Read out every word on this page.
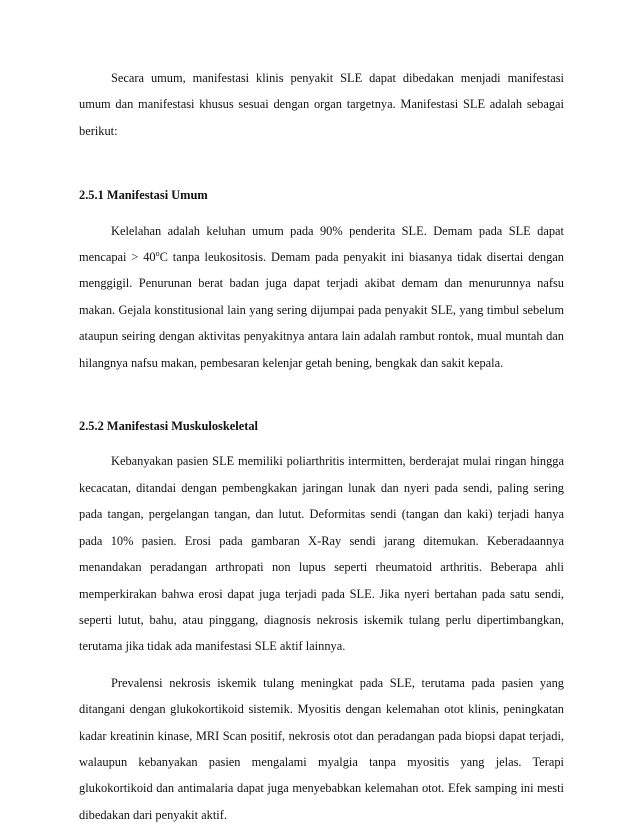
Secara umum, manifestasi klinis penyakit SLE dapat dibedakan menjadi manifestasi umum dan manifestasi khusus sesuai dengan organ targetnya. Manifestasi SLE adalah sebagai berikut:

2.5.1 Manifestasi Umum

Kelelahan adalah keluhan umum pada 90% penderita SLE. Demam pada SLE dapat mencapai > $40^oC$ tanpa leukositosis. Demam pada penyakit ini biasanya tidak disertai dengan menggigil. Penurunan berat badan juga dapat terjadi akibat demam dan menurunnya nafsu makan. Gejala konstitusional lain yang sering dijumpai pada penyakit SLE, yang timbul sebelum ataupun seiring dengan aktivitas penyakitnya antara lain adalah rambut rontok, mual muntah dan hilangnya nafsu makan, pembesaran kelenjar getah bening, bengkak dan sakit kepala.

2.5.2 Manifestasi Muskuloskeletal

Kebanyakan pasien SLE memiliki poliarthritis intermitten, berderajat mulai ringan hingga kecacatan, ditandai dengan pembengkakan jaringan lunak dan nyeri pada sendi, paling sering pada tangan, pergelangan tangan, dan lutut. Deformitas sendi (tangan dan kaki) terjadi hanya pada 10% pasien. Erosi pada gambaran X-Ray sendi jarang ditemukan. Keberadaannya menandakan peradangan arthropati non lupus seperti rheumatoid arthritis. Beberapa ahli memperkirakan bahwa erosi dapat juga terjadi pada SLE. Jika nyeri bertahan pada satu sendi, seperti lutut, bahu, atau pinggang, diagnosis nekrosis iskemik tulang perlu dipertimbangkan, terutama jika tidak ada manifestasi SLE aktif lainnya.

Prevalensi nekrosis iskemik tulang meningkat pada SLE, terutama pada pasien yang ditangani dengan glukokortikoid sistemik. Myositis dengan kelemahan otot klinis, peningkatan kadar kreatinin kinase, MRI Scan positif, nekrosis otot dan peradangan pada biopsi dapat terjadi, walaupun kebanyakan pasien mengalami myalgia tanpa myositis yang jelas. Terapi glukokortikoid dan antimalaria dapat juga menyebabkan kelemahan otot. Efek samping ini mesti dibedakan dari penyakit aktif.
